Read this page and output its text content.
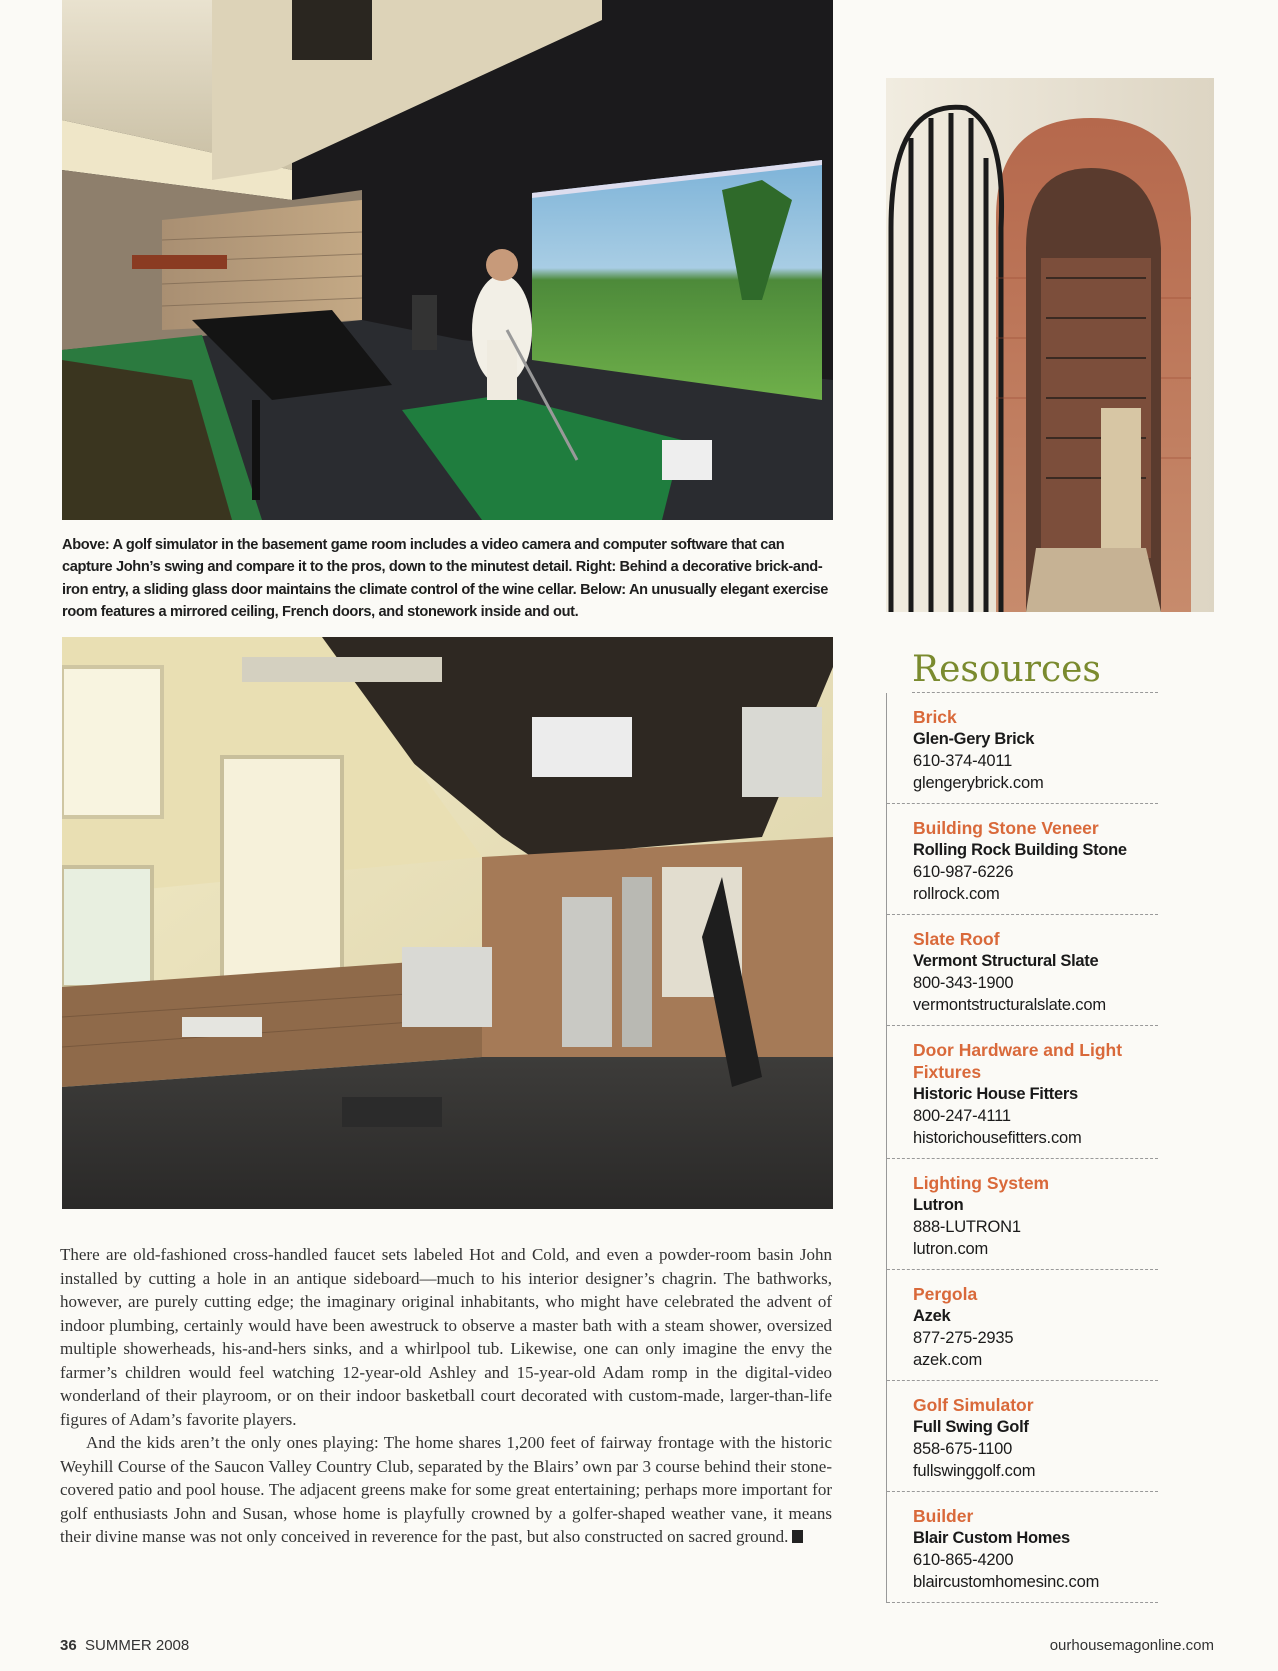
Above: A golf simulator in the basement game room includes a video camera and computer software that can capture John’s swing and compare it to the pros, down to the minutest detail. Right: Behind a decorative brick-and-iron entry, a sliding glass door maintains the climate control of the wine cellar. Below: An unusually elegant exercise room features a mirrored ceiling, French doors, and stonework inside and out.

There are old-fashioned cross-handled faucet sets labeled Hot and Cold, and even a powder-room basin John installed by cutting a hole in an antique sideboard—much to his interior designer’s chagrin. The bathworks, however, are purely cutting edge; the imaginary original inhabitants, who might have celebrated the advent of indoor plumbing, certainly would have been awestruck to observe a master bath with a steam shower, oversized multiple showerheads, his-and-hers sinks, and a whirlpool tub. Likewise, one can only imagine the envy the farmer’s children would feel watching 12-year-old Ashley and 15-year-old Adam romp in the digital-video wonderland of their playroom, or on their indoor basketball court decorated with custom-made, larger-than-life figures of Adam’s favorite players.

And the kids aren’t the only ones playing: The home shares 1,200 feet of fairway frontage with the historic Weyhill Course of the Saucon Valley Country Club, separated by the Blairs’ own par 3 course behind their stone-covered patio and pool house. The adjacent greens make for some great entertaining; perhaps more important for golf enthusiasts John and Susan, whose home is playfully crowned by a golfer-shaped weather vane, it means their divine manse was not only conceived in reverence for the past, but also constructed on sacred ground.

Resources
Brick
Glen-Gery Brick
610-374-4011
glengerybrick.com
Building Stone Veneer
Rolling Rock Building Stone
610-987-6226
rollrock.com
Slate Roof
Vermont Structural Slate
800-343-1900
vermontstructuralslate.com
Door Hardware and Light Fixtures
Historic House Fitters
800-247-4111
historichousefitters.com
Lighting System
Lutron
888-LUTRON1
lutron.com
Pergola
Azek
877-275-2935
azek.com
Golf Simulator
Full Swing Golf
858-675-1100
fullswinggolf.com
Builder
Blair Custom Homes
610-865-4200
blaircustomhomesinc.com
36 SUMMER 2008	ourhousemagonline.com
